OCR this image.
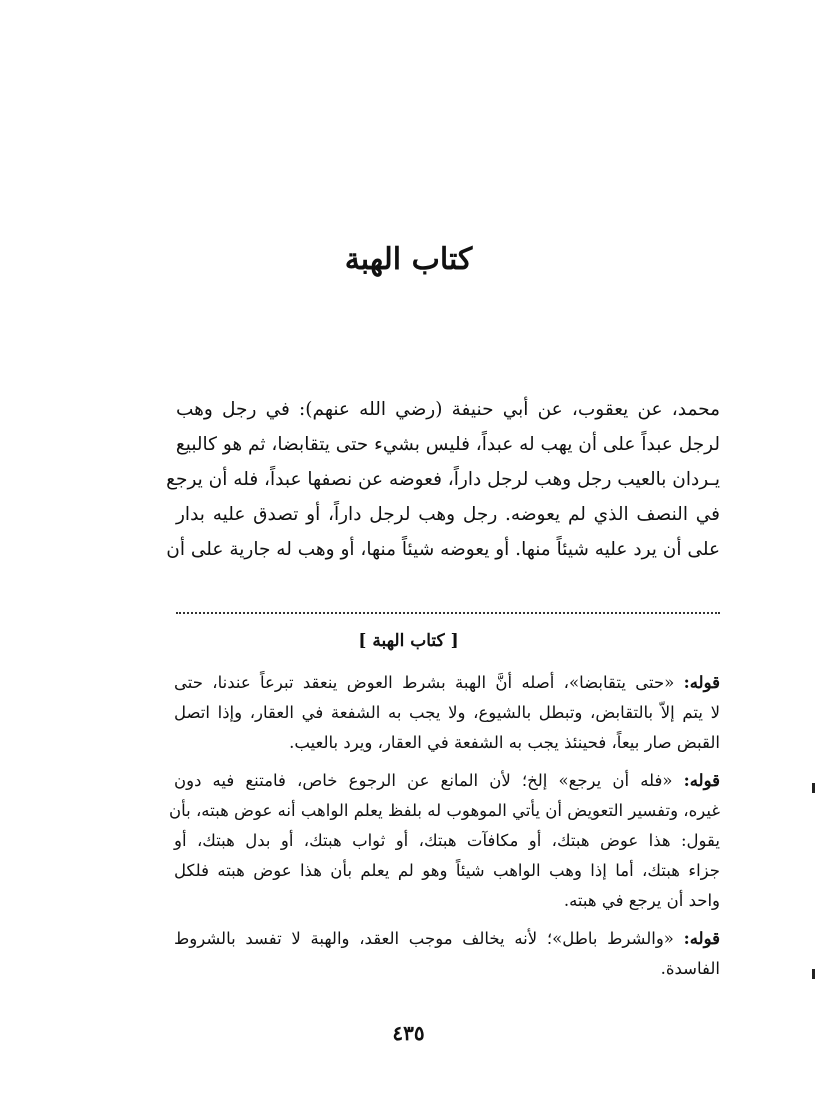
كتاب الهبة
محمد، عن يعقوب، عن أبي حنيفة (رضي الله عنهم): في رجل وهب
لرجل عبداً على أن يهب له عبداً، فليس بشيء حتى يتقابضا، ثم هو كالبيع
يـردان بالعيب رجل وهب لرجل داراً، فعوضه عن نصفها عبداً، فله أن يرجع
في النصف الذي لم يعوضه. رجل وهب لرجل داراً، أو تصدق عليه بدار
على أن يرد عليه شيئاً منها. أو يعوضه شيئاً منها، أو وهب له جارية على أن
[ كتاب الهبة ]
قوله: «حتى يتقابضا»، أصله أنَّ الهبة بشرط العوض ينعقد تبرعاً عندنا، حتى
لا يتم إلاّ بالتقابض، وتبطل بالشيوع، ولا يجب به الشفعة في العقار، وإذا اتصل
القبض صار بيعاً، فحينئذ يجب به الشفعة في العقار، ويرد بالعيب.
قوله: «فله أن يرجع» إلخ؛ لأن المانع عن الرجوع خاص، فامتنع فيه دون
غيره، وتفسير التعويض أن يأتي الموهوب له بلفظ يعلم الواهب أنه عوض هبته، بأن
يقول: هذا عوض هبتك، أو مكافآت هبتك، أو ثواب هبتك، أو بدل هبتك، أو
جزاء هبتك، أما إذا وهب الواهب شيئاً وهو لم يعلم بأن هذا عوض هبته فلكل
واحد أن يرجع في هبته.
قوله: «والشرط باطل»؛ لأنه يخالف موجب العقد، والهبة لا تفسد بالشروط
الفاسدة.
٤٣٥
